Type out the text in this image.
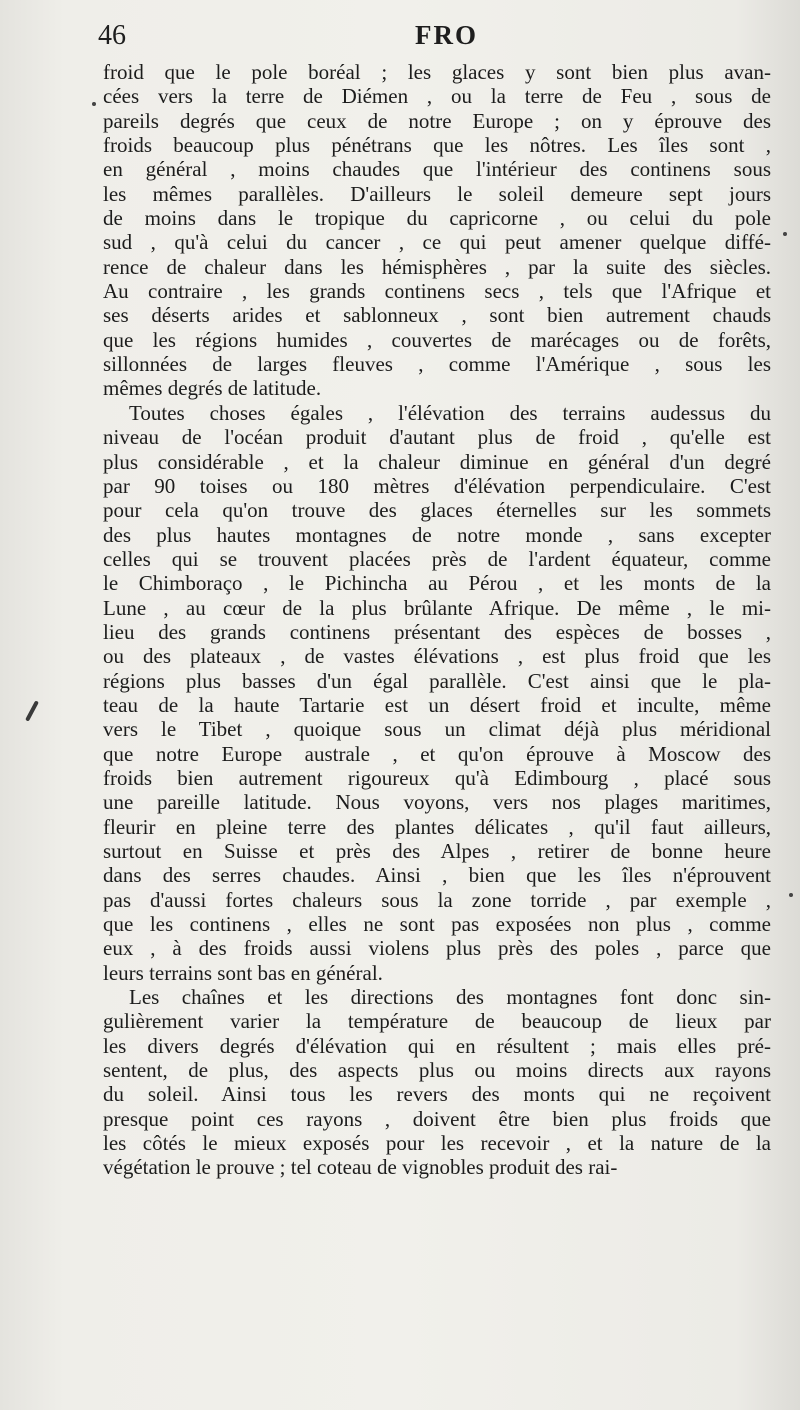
46	FRO
froid que le pole boréal ; les glaces y sont bien plus avan-
cées vers la terre de Diémen , ou la terre de Feu , sous de
pareils degrés que ceux de notre Europe ; on y éprouve des
froids beaucoup plus pénétrans que les nôtres. Les îles sont ,
en général , moins chaudes que l'intérieur des continens sous
les mêmes parallèles. D'ailleurs le soleil demeure sept jours
de moins dans le tropique du capricorne , ou celui du pole
sud , qu'à celui du cancer , ce qui peut amener quelque diffé-
rence de chaleur dans les hémisphères , par la suite des siècles.
Au contraire , les grands continens secs , tels que l'Afrique et
ses déserts arides et sablonneux , sont bien autrement chauds
que les régions humides , couvertes de marécages ou de forêts,
sillonnées de larges fleuves , comme l'Amérique , sous les
mêmes degrés de latitude.
Toutes choses égales , l'élévation des terrains audessus du
niveau de l'océan produit d'autant plus de froid , qu'elle est
plus considérable , et la chaleur diminue en général d'un degré
par 90 toises ou 180 mètres d'élévation perpendiculaire. C'est
pour cela qu'on trouve des glaces éternelles sur les sommets
des plus hautes montagnes de notre monde , sans excepter
celles qui se trouvent placées près de l'ardent équateur, comme
le Chimboraço , le Pichincha au Pérou , et les monts de la
Lune , au cœur de la plus brûlante Afrique. De même , le mi-
lieu des grands continens présentant des espèces de bosses ,
ou des plateaux , de vastes élévations , est plus froid que les
régions plus basses d'un égal parallèle. C'est ainsi que le pla-
teau de la haute Tartarie est un désert froid et inculte, même
vers le Tibet , quoique sous un climat déjà plus méridional
que notre Europe australe , et qu'on éprouve à Moscow des
froids bien autrement rigoureux qu'à Edimbourg , placé sous
une pareille latitude. Nous voyons, vers nos plages maritimes,
fleurir en pleine terre des plantes délicates , qu'il faut ailleurs,
surtout en Suisse et près des Alpes , retirer de bonne heure
dans des serres chaudes. Ainsi , bien que les îles n'éprouvent
pas d'aussi fortes chaleurs sous la zone torride , par exemple ,
que les continens , elles ne sont pas exposées non plus , comme
eux , à des froids aussi violens plus près des poles , parce que
leurs terrains sont bas en général.
Les chaînes et les directions des montagnes font donc sin-
gulièrement varier la température de beaucoup de lieux par
les divers degrés d'élévation qui en résultent ; mais elles pré-
sentent, de plus, des aspects plus ou moins directs aux rayons
du soleil. Ainsi tous les revers des monts qui ne reçoivent
presque point ces rayons , doivent être bien plus froids que
les côtés le mieux exposés pour les recevoir , et la nature de la
végétation le prouve ; tel coteau de vignobles produit des rai-
